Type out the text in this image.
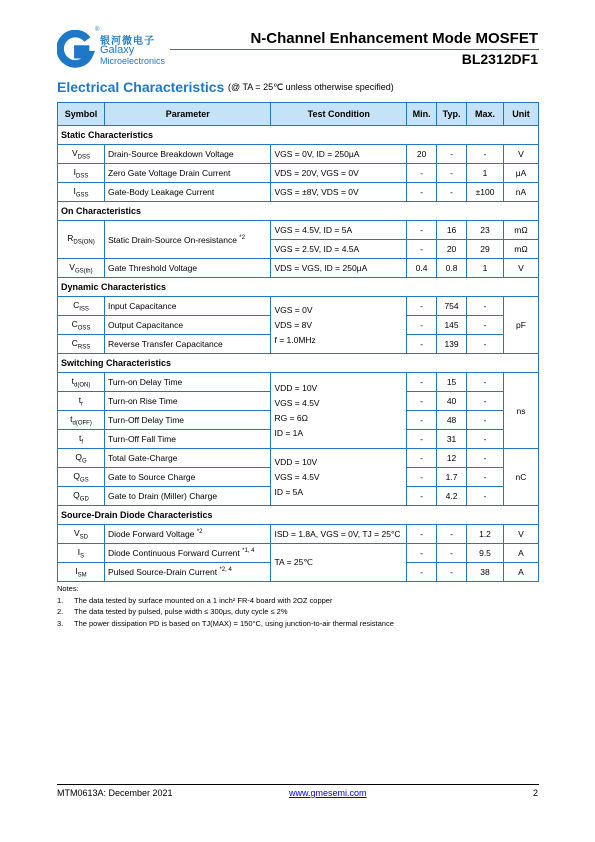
®
银河微电子
Galaxy
Microelectronics
N-Channel Enhancement Mode MOSFET
BL2312DF1
Electrical Characteristics (@ TA = 25℃ unless otherwise specified)
Symbol	Parameter	Test Condition	Min.	Typ.	Max.	Unit
Static Characteristics						
$V_{DSS}$	Drain-Source Breakdown Voltage	VGS = 0V, ID = 250μA	20	-	-	V
$I_{DSS}$	Zero Gate Voltage Drain Current	VDS = 20V, VGS = 0V	-	-	1	μA
$I_{GSS}$	Gate-Body Leakage Current	VGS = ±8V, VDS = 0V	-	-	±100	nA
On Characteristics						
$R_{DS(ON)}$	Static Drain-Source On-resistance $^{*2}$	VGS = 4.5V, ID = 5A	-	16	23	mΩ
		VGS = 2.5V, ID = 4.5A	-	20	29	mΩ
$V_{GS(th)}$	Gate Threshold Voltage	VDS = VGS, ID = 250μA	0.4	0.8	1	V
Dynamic Characteristics						
$C_{ISS}$	Input Capacitance	VGS = 0V
VDS = 8V
f = 1.0MHz	-	754	-	pF
$C_{OSS}$	Output Capacitance		-	145	-	
$C_{RSS}$	Reverse Transfer Capacitance		-	139	-	
Switching Characteristics						
$t_{d(ON)}$	Turn-on Delay Time	VDD = 10V
VGS = 4.5V
RG = 6Ω
ID = 1A	-	15	-	ns
$t_r$	Turn-on Rise Time		-	40	-	
$t_{d(OFF)}$	Turn-Off Delay Time		-	48	-	
$t_f$	Turn-Off Fall Time		-	31	-	
$Q_G$	Total Gate-Charge	VDD = 10V
VGS = 4.5V
ID = 5A	-	12	-	nC
$Q_{GS}$	Gate to Source Charge		-	1.7	-	
$Q_{GD}$	Gate to Drain (Miller) Charge		-	4.2	-	
Source-Drain Diode Characteristics						
$V_{SD}$	Diode Forward Voltage $^{*2}$	ISD = 1.8A, VGS = 0V, TJ = 25°C	-	-	1.2	V
$I_S$	Diode Continuous Forward Current $^{*1, 4}$	TA = 25℃	-	-	9.5	A
$I_{SM}$	Pulsed Source-Drain Current $^{*2, 4}$		-	-	38	A
Notes:
1.	The data tested by surface mounted on a 1 inch² FR-4 board with 2OZ copper
2.	The data tested by pulsed, pulse width ≤ 300μs, duty cycle ≤ 2%
3.	The power dissipation PD is based on TJ(MAX) = 150°C, using junction-to-air thermal resistance
MTM0613A: December 2021	www.gmesemi.com	2
